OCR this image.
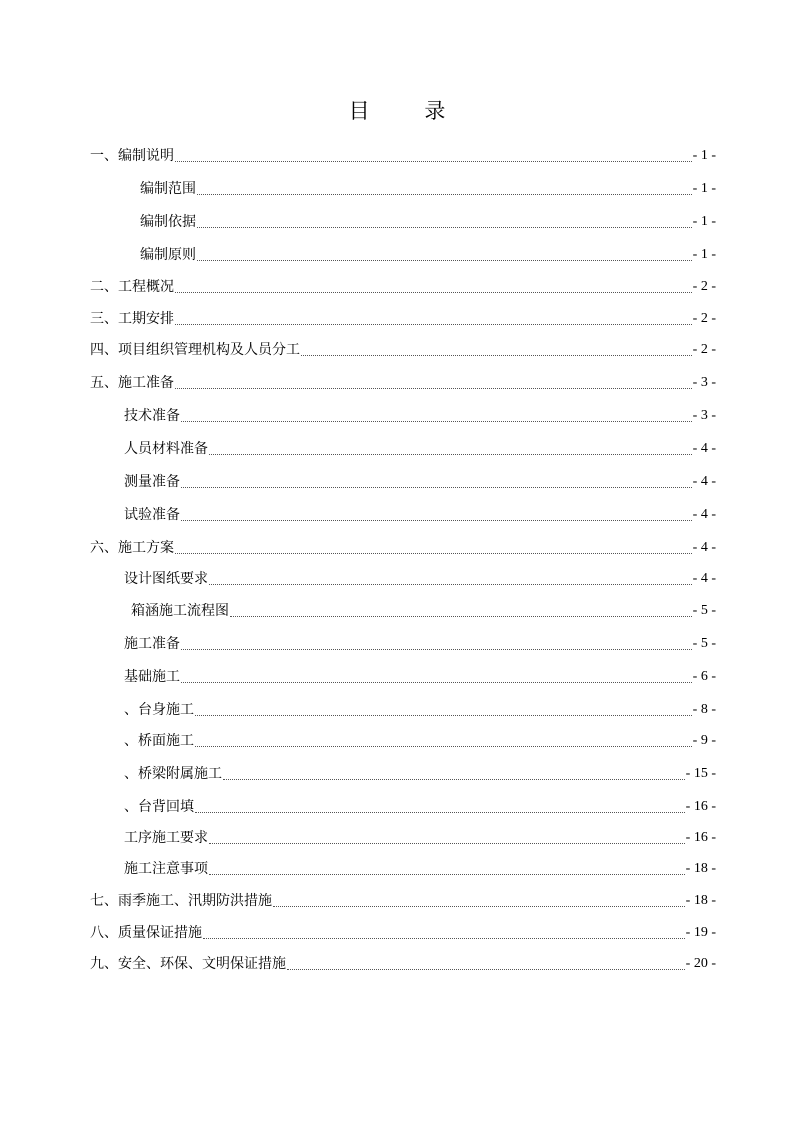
目 录
一、编制说明	- 1 -
编制范围	- 1 -
编制依据	- 1 -
编制原则	- 1 -
二、工程概况	- 2 -
三、工期安排	- 2 -
四、项目组织管理机构及人员分工	- 2 -
五、施工准备	- 3 -
技术准备	- 3 -
人员材料准备	- 4 -
测量准备	- 4 -
试验准备	- 4 -
六、施工方案	- 4 -
设计图纸要求	- 4 -
箱涵施工流程图	- 5 -
施工准备	- 5 -
基础施工	- 6 -
、台身施工	- 8 -
、桥面施工	- 9 -
、桥梁附属施工	- 15 -
、台背回填	- 16 -
工序施工要求	- 16 -
施工注意事项	- 18 -
七、雨季施工、汛期防洪措施	- 18 -
八、质量保证措施	- 19 -
九、安全、环保、文明保证措施	- 20 -
